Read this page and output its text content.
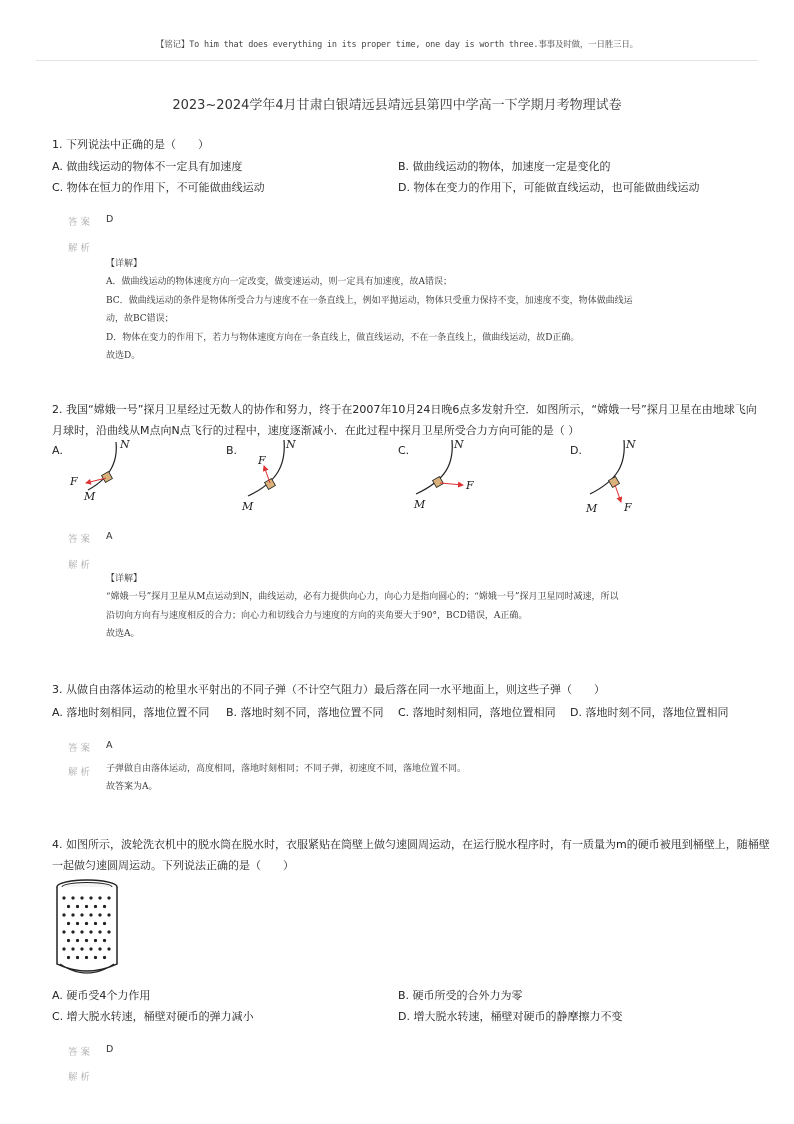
【铭记】To him that does everything in its proper time, one day is worth three.事事及时做，一日胜三日。
2023~2024学年4月甘肃白银靖远县靖远县第四中学高一下学期月考物理试卷
1. 下列说法中正确的是（　　）
A. 做曲线运动的物体不一定具有加速度	B. 做曲线运动的物体，加速度一定是变化的
C. 物体在恒力的作用下，不可能做曲线运动	D. 物体在变力的作用下，可能做直线运动，也可能做曲线运动
答 案 D
解 析
【详解】
A．做曲线运动的物体速度方向一定改变，做变速运动，则一定具有加速度，故A错误；
BC．做曲线运动的条件是物体所受合力与速度不在一条直线上，例如平抛运动，物体只受重力保持不变，加速度不变，物体做曲线运
动，故BC错误；
D．物体在变力的作用下，若力与物体速度方向在一条直线上，做直线运动，不在一条直线上，做曲线运动，故D正确。
故选D。
2. 我国“嫦娥一号”探月卫星经过无数人的协作和努力，终于在2007年10月24日晚6点多发射升空．如图所示，“嫦娥一号”探月卫星在由地球飞向
月球时，沿曲线从M点向N点飞行的过程中，速度逐渐减小．在此过程中探月卫星所受合力方向可能的是（ ）
A.	N
F
M
B.	N
F
M
C.	N
F
M
D.	N
F
M
答 案 A
解 析
【详解】
“嫦娥一号”探月卫星从M点运动到N，曲线运动，必有力提供向心力，向心力是指向圆心的；“嫦娥一号”探月卫星同时减速，所以
沿切向方向有与速度相反的合力；向心力和切线合力与速度的方向的夹角要大于90°，BCD错误，A正确。
故选A。
3. 从做自由落体运动的枪里水平射出的不同子弹（不计空气阻力）最后落在同一水平地面上，则这些子弹（　　）
A. 落地时刻相同，落地位置不同 B. 落地时刻不同，落地位置不同 C. 落地时刻相同，落地位置相同 D. 落地时刻不同，落地位置相同
答 案 A
解 析 子弹做自由落体运动，高度相同，落地时刻相同；不同子弹，初速度不同，落地位置不同。
故答案为A。
4. 如图所示，波轮洗衣机中的脱水筒在脱水时，衣服紧贴在筒壁上做匀速圆周运动，在运行脱水程序时，有一质量为m的硬币被甩到桶壁上，随桶壁
一起做匀速圆周运动。下列说法正确的是（　　）
A. 硬币受4个力作用	B. 硬币所受的合外力为零
C. 增大脱水转速，桶壁对硬币的弹力减小	D. 增大脱水转速，桶壁对硬币的静摩擦力不变
答 案 D
解 析
